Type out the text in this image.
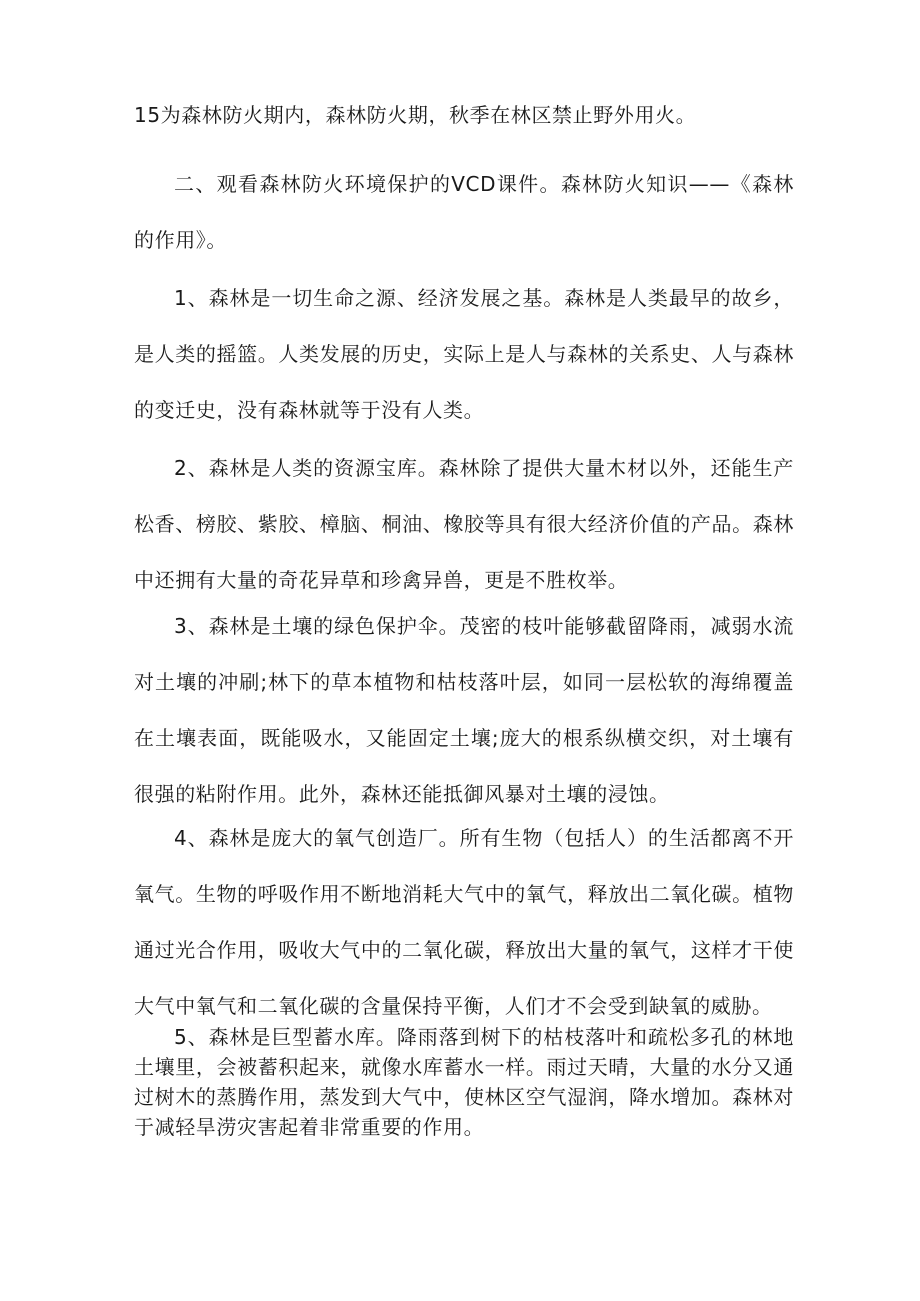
15为森林防火期内，森林防火期，秋季在林区禁止野外用火。

二、观看森林防火环境保护的VCD课件。森林防火知识——《森林的作用》。

1、森林是一切生命之源、经济发展之基。森林是人类最早的故乡，是人类的摇篮。人类发展的历史，实际上是人与森林的关系史、人与森林的变迁史，没有森林就等于没有人类。

2、森林是人类的资源宝库。森林除了提供大量木材以外，还能生产松香、榜胶、紫胶、樟脑、桐油、橡胶等具有很大经济价值的产品。森林中还拥有大量的奇花异草和珍禽异兽，更是不胜枚举。

3、森林是土壤的绿色保护伞。茂密的枝叶能够截留降雨，减弱水流对土壤的冲刷;林下的草本植物和枯枝落叶层，如同一层松软的海绵覆盖在土壤表面，既能吸水，又能固定土壤;庞大的根系纵横交织，对土壤有很强的粘附作用。此外，森林还能抵御风暴对土壤的浸蚀。

4、森林是庞大的氧气创造厂。所有生物（包括人）的生活都离不开氧气。生物的呼吸作用不断地消耗大气中的氧气，释放出二氧化碳。植物通过光合作用，吸收大气中的二氧化碳，释放出大量的氧气，这样才干使大气中氧气和二氧化碳的含量保持平衡，人们才不会受到缺氧的威胁。

5、森林是巨型蓄水库。降雨落到树下的枯枝落叶和疏松多孔的林地土壤里，会被蓄积起来，就像水库蓄水一样。雨过天晴，大量的水分又通过树木的蒸腾作用，蒸发到大气中，使林区空气湿润，降水增加。森林对于减轻旱涝灾害起着非常重要的作用。
